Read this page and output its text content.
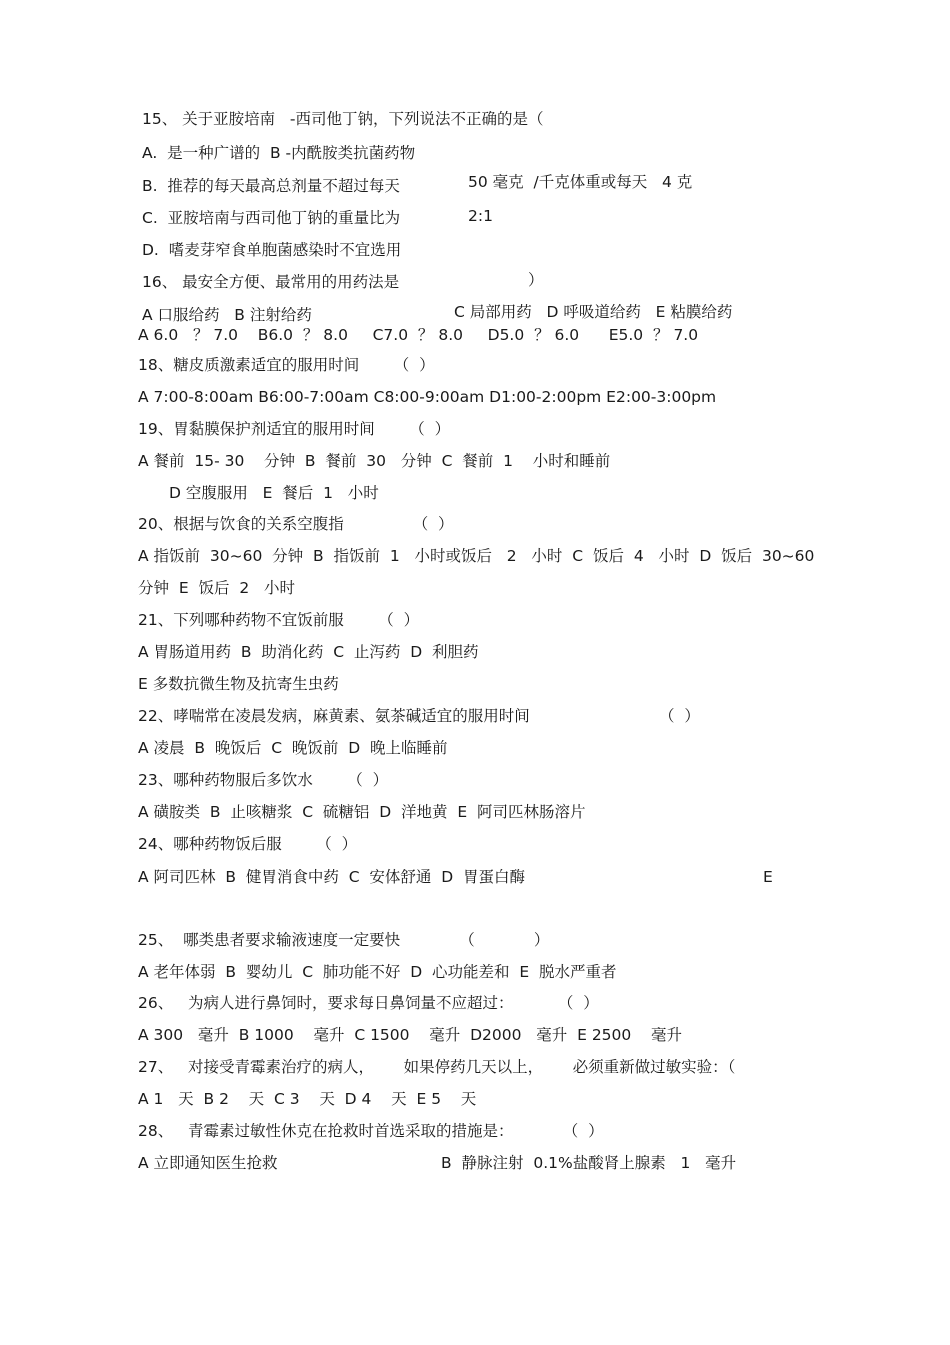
15、 关于亚胺培南   -西司他丁钠，下列说法不正确的是（
A.  是一种广谱的  B -内酰胺类抗菌药物
B.  推荐的每天最高总剂量不超过每天	50 毫克  /千克体重或每天   4 克
C.  亚胺培南与西司他丁钠的重量比为	2:1
D.  嗜麦芽窄食单胞菌感染时不宜选用
16、 最安全方便、最常用的用药法是	）
A 口服给药   B 注射给药	C 局部用药   D 呼吸道给药   E 粘膜给药
A 6.0   ？ 7.0    B6.0  ？ 8.0     C7.0  ？ 8.0     D5.0  ？ 6.0      E5.0  ？ 7.0
18、糖皮质激素适宜的服用时间       （  ）
A 7:00-8:00am B6:00-7:00am C8:00-9:00am D1:00-2:00pm E2:00-3:00pm
19、胃黏膜保护剂适宜的服用时间       （  ）
A 餐前  15- 30    分钟  B  餐前  30   分钟  C  餐前  1    小时和睡前
D 空腹服用   E  餐后  1   小时
20、根据与饮食的关系空腹指              （  ）
A 指饭前  30~60  分钟  B  指饭前  1   小时或饭后   2   小时  C  饭后  4   小时  D  饭后  30~60
分钟  E  饭后  2   小时
21、下列哪种药物不宜饭前服       （  ）
A 胃肠道用药  B  助消化药  C  止泻药  D  利胆药
E 多数抗微生物及抗寄生虫药
22、哮喘常在凌晨发病，麻黄素、氨茶碱适宜的服用时间	（  ）
A 凌晨  B  晚饭后  C  晚饭前  D  晚上临睡前
23、哪种药物服后多饮水       （  ）
A 磺胺类  B  止咳糖浆  C  硫糖铝  D  洋地黄  E  阿司匹林肠溶片
24、哪种药物饭后服       （  ）
A 阿司匹林  B  健胃消食中药  C  安体舒通  D  胃蛋白酶	E
25、  哪类患者要求输液速度一定要快            （            ）
A 老年体弱  B  婴幼儿  C  肺功能不好  D  心功能差和  E  脱水严重者
26、   为病人进行鼻饲时，要求每日鼻饲量不应超过：         （  ）
A 300   毫升  B 1000    毫升  C 1500    毫升  D2000   毫升  E 2500    毫升
27、   对接受青霉素治疗的病人，      如果停药几天以上，      必须重新做过敏实验：（
A 1   天  B 2    天  C 3    天  D 4    天  E 5    天
28、   青霉素过敏性休克在抢救时首选采取的措施是：          （  ）
A 立即通知医生抢救	B  静脉注射  0.1%盐酸肾上腺素   1   毫升
